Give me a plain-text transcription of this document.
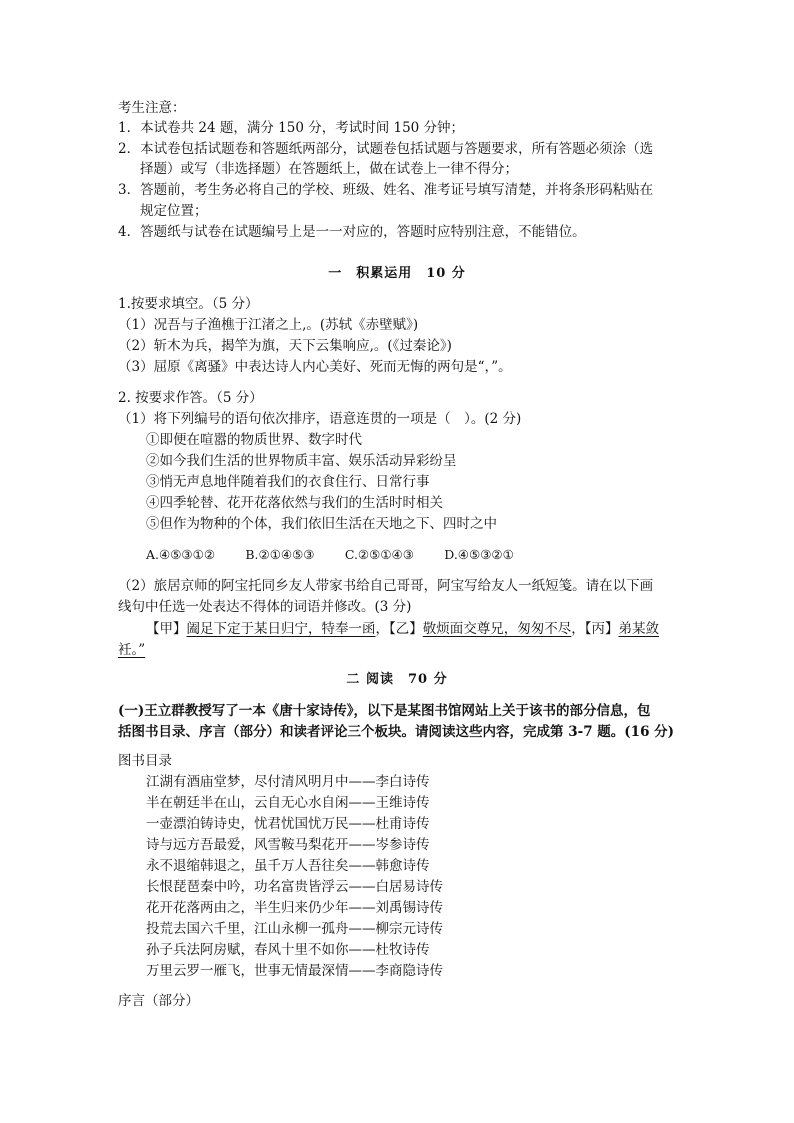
考生注意：
1．本试卷共 24 题，满分 150 分，考试时间 150 分钟；
2．本试卷包括试题卷和答题纸两部分，试题卷包括试题与答题要求，所有答题必须涂（选
择题）或写（非选择题）在答题纸上，做在试卷上一律不得分；
3．答题前，考生务必将自己的学校、班级、姓名、准考证号填写清楚，并将条形码粘贴在
规定位置；
4．答题纸与试卷在试题编号上是一一对应的，答题时应特别注意，不能错位。
一　积累运用　10 分
1.按要求填空。（5 分）
（1）况吾与子渔樵于江渚之上,。(苏轼《赤壁赋》)
（2）斩木为兵，揭竿为旗，天下云集响应,。(《过秦论》)
（3）屈原《离骚》中表达诗人内心美好、死而无悔的两句是“，”。
2. 按要求作答。（5 分）
（1）将下列编号的语句依次排序，语意连贯的一项是（　）。(2 分)
①即便在喧嚣的物质世界、数字时代
②如今我们生活的世界物质丰富、娱乐活动异彩纷呈
③悄无声息地伴随着我们的衣食住行、日常行事
④四季轮替、花开花落依然与我们的生活时时相关
⑤但作为物种的个体，我们依旧生活在天地之下、四时之中
A.④⑤③①② B.②①④⑤③ C.②⑤①④③ D.④⑤③②①
（2）旅居京师的阿宝托同乡友人带家书给自己哥哥，阿宝写给友人一纸短笺。请在以下画
线句中任选一处表达不得体的词语并修改。(3 分)
【甲】阖足下定于某日归宁，特奉一函，【乙】敬烦面交尊兄，匆匆不尽，【丙】弟某敛
衽。”
二 阅读　70 分
(一)王立群教授写了一本《唐十家诗传》，以下是某图书馆网站上关于该书的部分信息，包
括图书目录、序言（部分）和读者评论三个板块。请阅读这些内容，完成第 3-7 题。(16 分)
图书目录
江湖有酒庙堂梦，尽付清风明月中——李白诗传
半在朝廷半在山，云自无心水自闲——王维诗传
一壶漂泊铸诗史，忧君忧国忧万民——杜甫诗传
诗与远方吾最爱，风雪鞍马梨花开——岑参诗传
永不退缩韩退之，虽千万人吾往矣——韩愈诗传
长恨琵琶秦中吟，功名富贵皆浮云——白居易诗传
花开花落两由之，半生归来仍少年——刘禹锡诗传
投荒去国六千里，江山永柳一孤舟——柳宗元诗传
孙子兵法阿房赋，春风十里不如你——杜牧诗传
万里云罗一雁飞，世事无情最深情——李商隐诗传
序言（部分）
